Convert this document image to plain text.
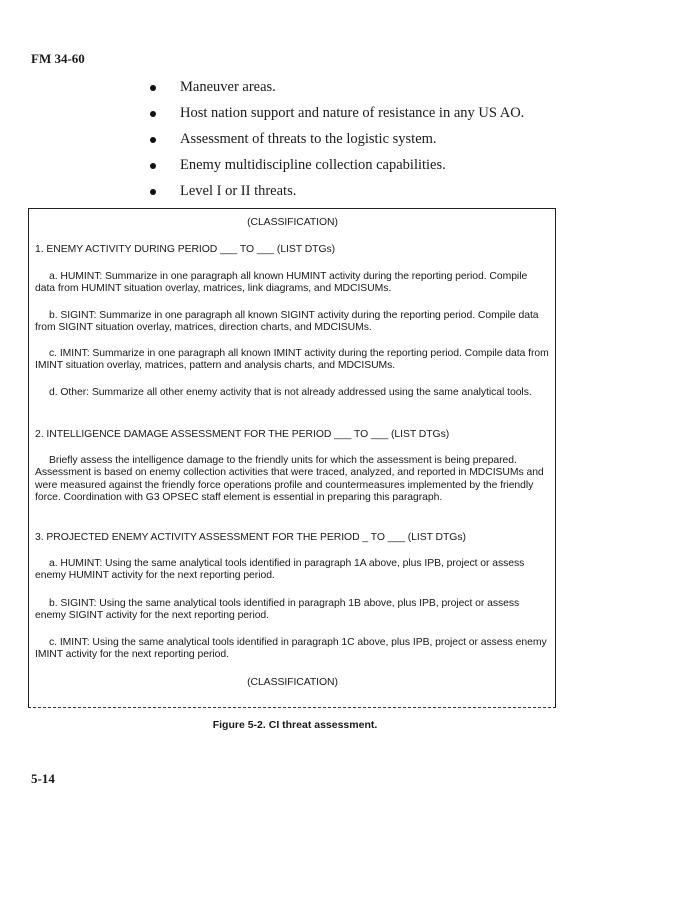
FM 34-60
Maneuver areas.
Host nation support and nature of resistance in any US AO.
Assessment of threats to the logistic system.
Enemy multidiscipline collection capabilities.
Level I or II threats.

(CLASSIFICATION)

1. ENEMY ACTIVITY DURING PERIOD ___ TO ___ (LIST DTGs)

a. HUMINT: Summarize in one paragraph all known HUMINT activity during the reporting period. Compile data from HUMINT situation overlay, matrices, link diagrams, and MDCISUMs.

b. SIGINT: Summarize in one paragraph all known SIGINT activity during the reporting period. Compile data from SIGINT situation overlay, matrices, direction charts, and MDCISUMs.

c. IMINT: Summarize in one paragraph all known IMINT activity during the reporting period. Compile data from IMINT situation overlay, matrices, pattern and analysis charts, and MDCISUMs.

d. Other: Summarize all other enemy activity that is not already addressed using the same analytical tools.

2. INTELLIGENCE DAMAGE ASSESSMENT FOR THE PERIOD ___ TO ___ (LIST DTGs)

Briefly assess the intelligence damage to the friendly units for which the assessment is being prepared. Assessment is based on enemy collection activities that were traced, analyzed, and reported in MDCISUMs and were measured against the friendly force operations profile and countermeasures implemented by the friendly force. Coordination with G3 OPSEC staff element is essential in preparing this paragraph.

3. PROJECTED ENEMY ACTIVITY ASSESSMENT FOR THE PERIOD _ TO ___ (LIST DTGs)

a. HUMINT: Using the same analytical tools identified in paragraph 1A above, plus IPB, project or assess enemy HUMINT activity for the next reporting period.

b. SIGINT: Using the same analytical tools identified in paragraph 1B above, plus IPB, project or assess enemy SIGINT activity for the next reporting period.

c. IMINT: Using the same analytical tools identified in paragraph 1C above, plus IPB, project or assess enemy IMINT activity for the next reporting period.

(CLASSIFICATION)

Figure 5-2. CI threat assessment.
5-14
